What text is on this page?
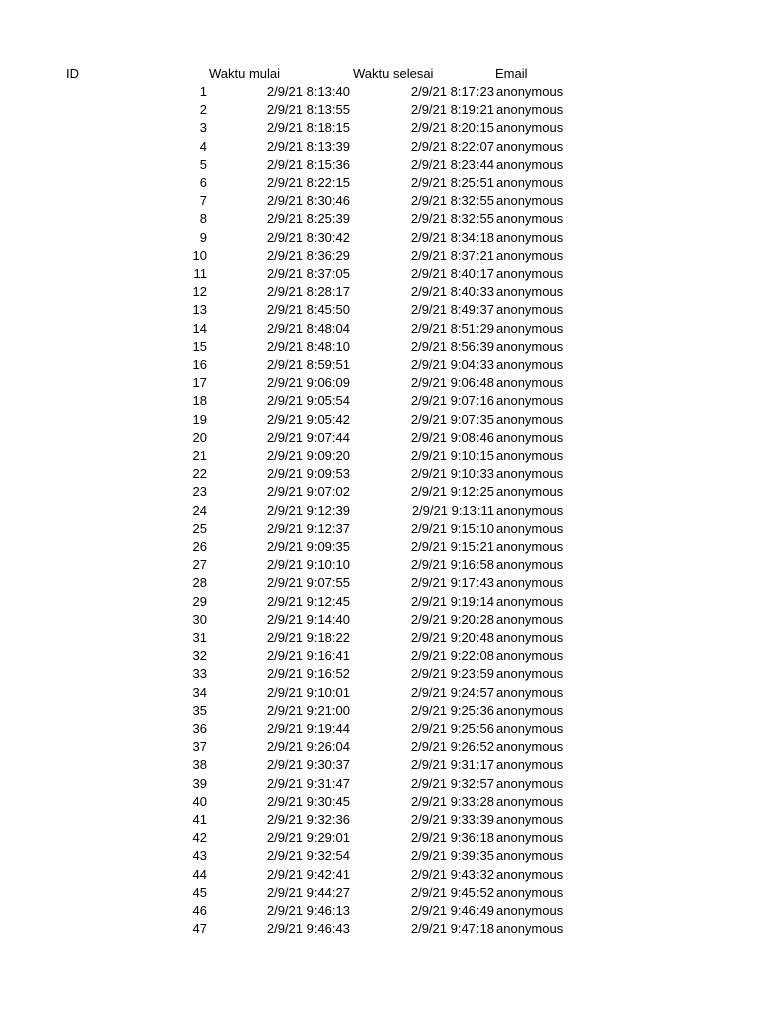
ID	Waktu mulai	Waktu selesai	Email
1	2/9/21 8:13:40	2/9/21 8:17:23 anonymous
2	2/9/21 8:13:55	2/9/21 8:19:21 anonymous
3	2/9/21 8:18:15	2/9/21 8:20:15 anonymous
4	2/9/21 8:13:39	2/9/21 8:22:07 anonymous
5	2/9/21 8:15:36	2/9/21 8:23:44 anonymous
6	2/9/21 8:22:15	2/9/21 8:25:51 anonymous
7	2/9/21 8:30:46	2/9/21 8:32:55 anonymous
8	2/9/21 8:25:39	2/9/21 8:32:55 anonymous
9	2/9/21 8:30:42	2/9/21 8:34:18 anonymous
10	2/9/21 8:36:29	2/9/21 8:37:21 anonymous
11	2/9/21 8:37:05	2/9/21 8:40:17 anonymous
12	2/9/21 8:28:17	2/9/21 8:40:33 anonymous
13	2/9/21 8:45:50	2/9/21 8:49:37 anonymous
14	2/9/21 8:48:04	2/9/21 8:51:29 anonymous
15	2/9/21 8:48:10	2/9/21 8:56:39 anonymous
16	2/9/21 8:59:51	2/9/21 9:04:33 anonymous
17	2/9/21 9:06:09	2/9/21 9:06:48 anonymous
18	2/9/21 9:05:54	2/9/21 9:07:16 anonymous
19	2/9/21 9:05:42	2/9/21 9:07:35 anonymous
20	2/9/21 9:07:44	2/9/21 9:08:46 anonymous
21	2/9/21 9:09:20	2/9/21 9:10:15 anonymous
22	2/9/21 9:09:53	2/9/21 9:10:33 anonymous
23	2/9/21 9:07:02	2/9/21 9:12:25 anonymous
24	2/9/21 9:12:39	2/9/21 9:13:11 anonymous
25	2/9/21 9:12:37	2/9/21 9:15:10 anonymous
26	2/9/21 9:09:35	2/9/21 9:15:21 anonymous
27	2/9/21 9:10:10	2/9/21 9:16:58 anonymous
28	2/9/21 9:07:55	2/9/21 9:17:43 anonymous
29	2/9/21 9:12:45	2/9/21 9:19:14 anonymous
30	2/9/21 9:14:40	2/9/21 9:20:28 anonymous
31	2/9/21 9:18:22	2/9/21 9:20:48 anonymous
32	2/9/21 9:16:41	2/9/21 9:22:08 anonymous
33	2/9/21 9:16:52	2/9/21 9:23:59 anonymous
34	2/9/21 9:10:01	2/9/21 9:24:57 anonymous
35	2/9/21 9:21:00	2/9/21 9:25:36 anonymous
36	2/9/21 9:19:44	2/9/21 9:25:56 anonymous
37	2/9/21 9:26:04	2/9/21 9:26:52 anonymous
38	2/9/21 9:30:37	2/9/21 9:31:17 anonymous
39	2/9/21 9:31:47	2/9/21 9:32:57 anonymous
40	2/9/21 9:30:45	2/9/21 9:33:28 anonymous
41	2/9/21 9:32:36	2/9/21 9:33:39 anonymous
42	2/9/21 9:29:01	2/9/21 9:36:18 anonymous
43	2/9/21 9:32:54	2/9/21 9:39:35 anonymous
44	2/9/21 9:42:41	2/9/21 9:43:32 anonymous
45	2/9/21 9:44:27	2/9/21 9:45:52 anonymous
46	2/9/21 9:46:13	2/9/21 9:46:49 anonymous
47	2/9/21 9:46:43	2/9/21 9:47:18 anonymous
